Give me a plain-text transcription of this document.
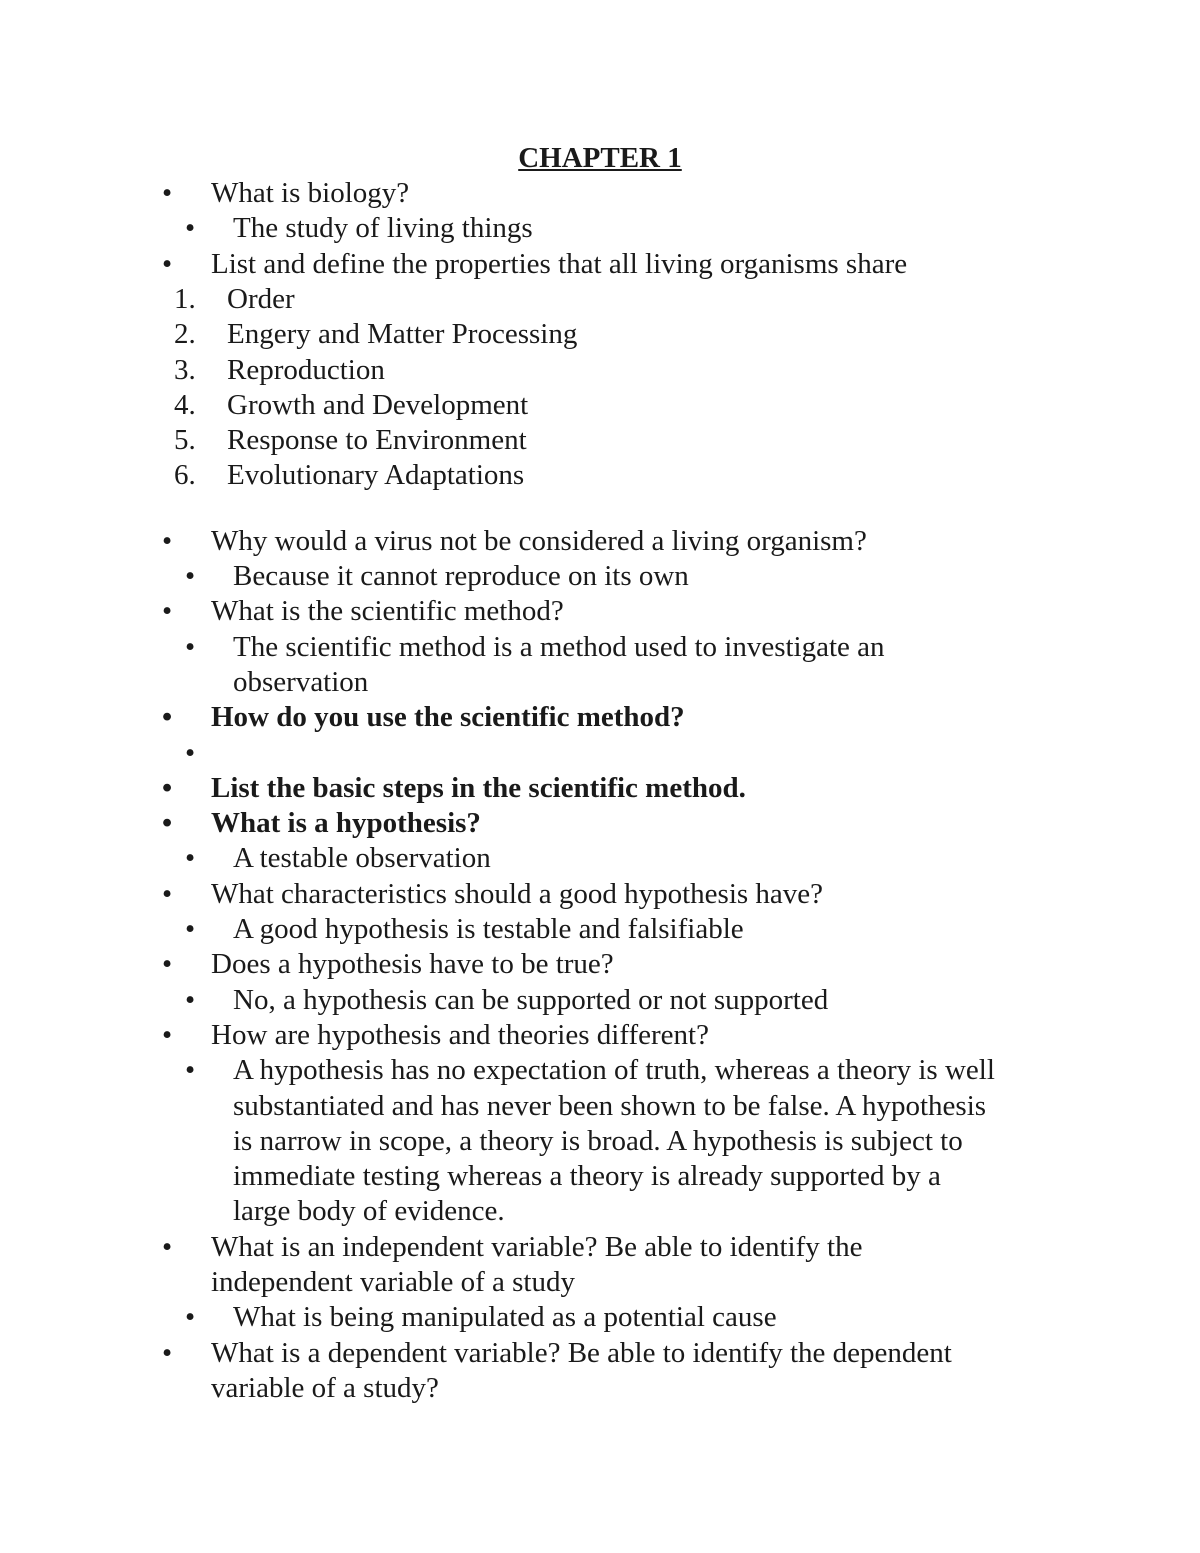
CHAPTER 1
• What is biology?
• The study of living things
• List and define the properties that all living organisms share
1. Order
2. Engery and Matter Processing
3. Reproduction
4. Growth and Development
5. Response to Environment
6. Evolutionary Adaptations
• Why would a virus not be considered a living organism?
• Because it cannot reproduce on its own
• What is the scientific method?
• The scientific method is a method used to investigate an
observation
• How do you use the scientific method?
•
• List the basic steps in the scientific method.
• What is a hypothesis?
• A testable observation
• What characteristics should a good hypothesis have?
• A good hypothesis is testable and falsifiable
• Does a hypothesis have to be true?
• No, a hypothesis can be supported or not supported
• How are hypothesis and theories different?
• A hypothesis has no expectation of truth, whereas a theory is well
substantiated and has never been shown to be false. A hypothesis
is narrow in scope, a theory is broad. A hypothesis is subject to
immediate testing whereas a theory is already supported by a
large body of evidence.
• What is an independent variable? Be able to identify the
independent variable of a study
• What is being manipulated as a potential cause
• What is a dependent variable? Be able to identify the dependent
variable of a study?
